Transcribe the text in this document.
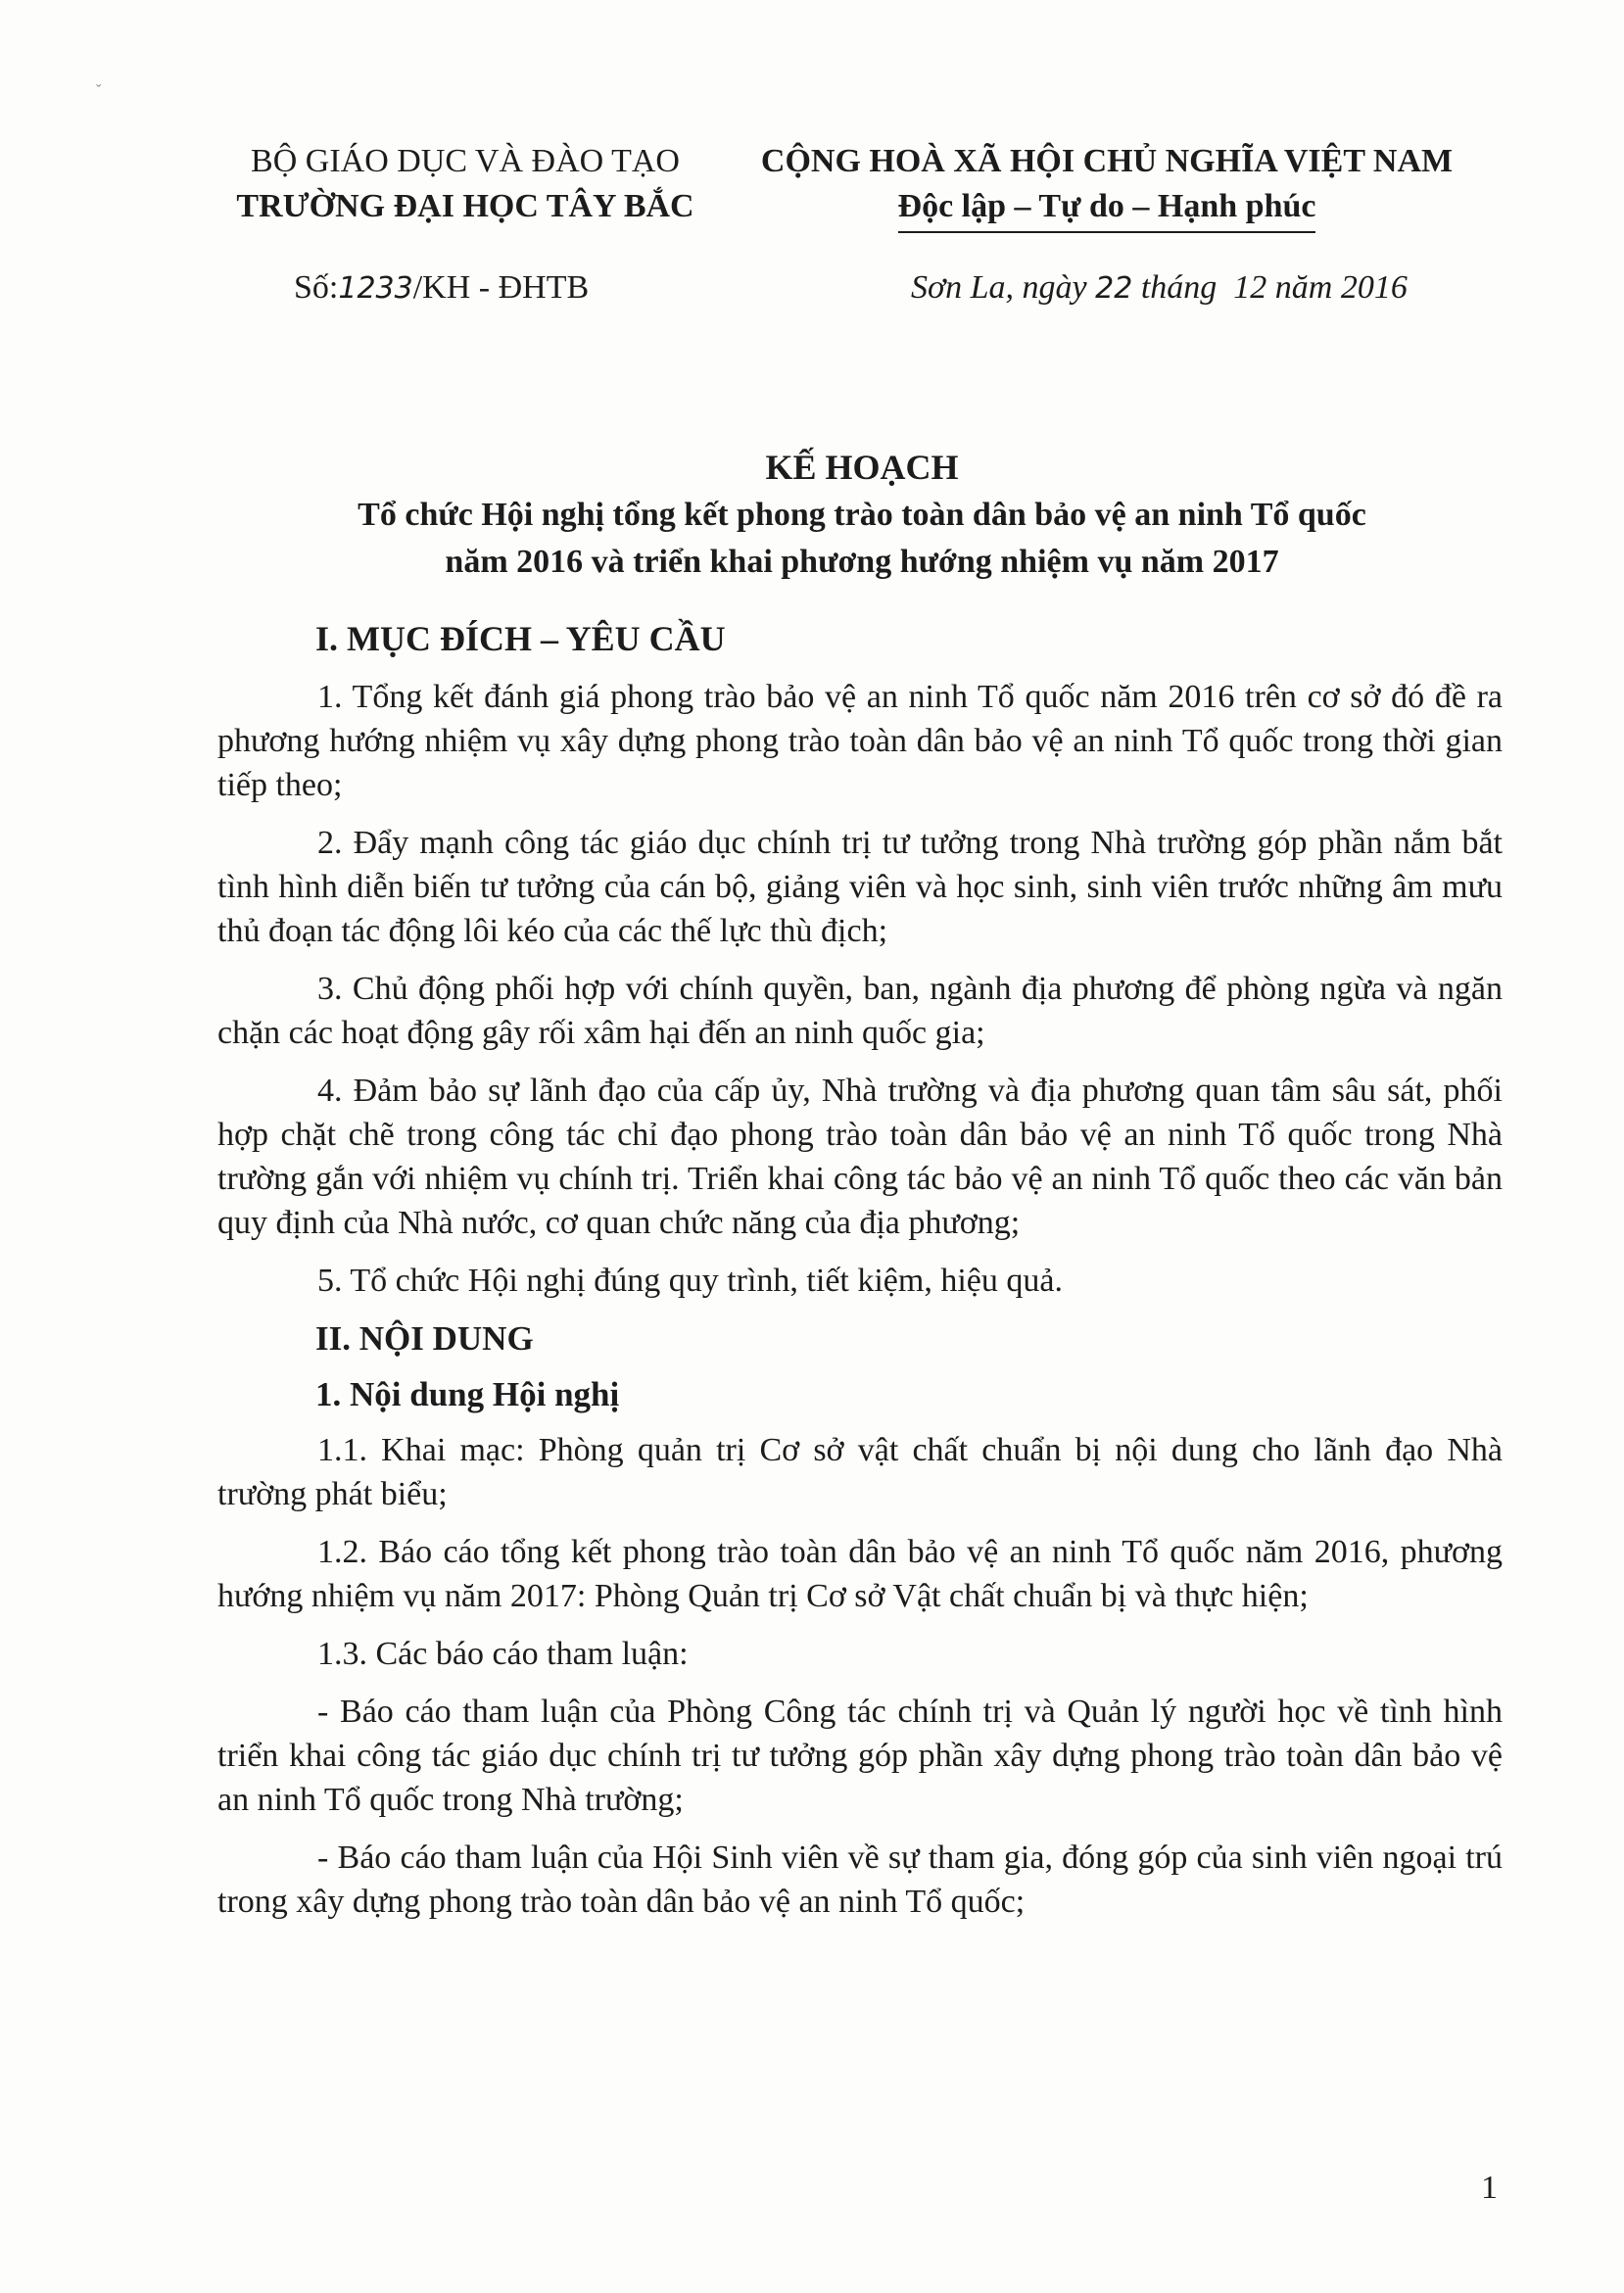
ˇ
BỘ GIÁO DỤC VÀ ĐÀO TẠO
TRƯỜNG ĐẠI HỌC TÂY BẮC
CỘNG HOÀ XÃ HỘI CHỦ NGHĨA VIỆT NAM
Độc lập – Tự do – Hạnh phúc
Số:1233/KH - ĐHTB	Sơn La, ngày 22 tháng  12 năm 2016
KẾ HOẠCH
Tổ chức Hội nghị tổng kết phong trào toàn dân bảo vệ an ninh Tổ quốc
năm 2016 và triển khai phương hướng nhiệm vụ năm 2017

I. MỤC ĐÍCH – YÊU CẦU

1. Tổng kết đánh giá phong trào bảo vệ an ninh Tổ quốc năm 2016 trên cơ sở đó đề ra phương hướng nhiệm vụ xây dựng phong trào toàn dân bảo vệ an ninh Tổ quốc trong thời gian tiếp theo;

2. Đẩy mạnh công tác giáo dục chính trị tư tưởng trong Nhà trường góp phần nắm bắt tình hình diễn biến tư tưởng của cán bộ, giảng viên và học sinh, sinh viên trước những âm mưu thủ đoạn tác động lôi kéo của các thế lực thù địch;

3. Chủ động phối hợp với chính quyền, ban, ngành địa phương để phòng ngừa và ngăn chặn các hoạt động gây rối xâm hại đến an ninh quốc gia;

4. Đảm bảo sự lãnh đạo của cấp ủy, Nhà trường và địa phương quan tâm sâu sát, phối hợp chặt chẽ trong công tác chỉ đạo phong trào toàn dân bảo vệ an ninh Tổ quốc trong Nhà trường gắn với nhiệm vụ chính trị. Triển khai công tác bảo vệ an ninh Tổ quốc theo các văn bản quy định của Nhà nước, cơ quan chức năng của địa phương;

5. Tổ chức Hội nghị đúng quy trình, tiết kiệm, hiệu quả.

II. NỘI DUNG

1. Nội dung Hội nghị

1.1. Khai mạc: Phòng quản trị Cơ sở vật chất chuẩn bị nội dung cho lãnh đạo Nhà trường phát biểu;

1.2. Báo cáo tổng kết phong trào toàn dân bảo vệ an ninh Tổ quốc năm 2016, phương hướng nhiệm vụ năm 2017: Phòng Quản trị Cơ sở Vật chất chuẩn bị và thực hiện;

1.3. Các báo cáo tham luận:

- Báo cáo tham luận của Phòng Công tác chính trị và Quản lý người học về tình hình triển khai công tác giáo dục chính trị tư tưởng góp phần xây dựng phong trào toàn dân bảo vệ an ninh Tổ quốc trong Nhà trường;

- Báo cáo tham luận của Hội Sinh viên về sự tham gia, đóng góp của sinh viên ngoại trú trong xây dựng phong trào toàn dân bảo vệ an ninh Tổ quốc;

1
